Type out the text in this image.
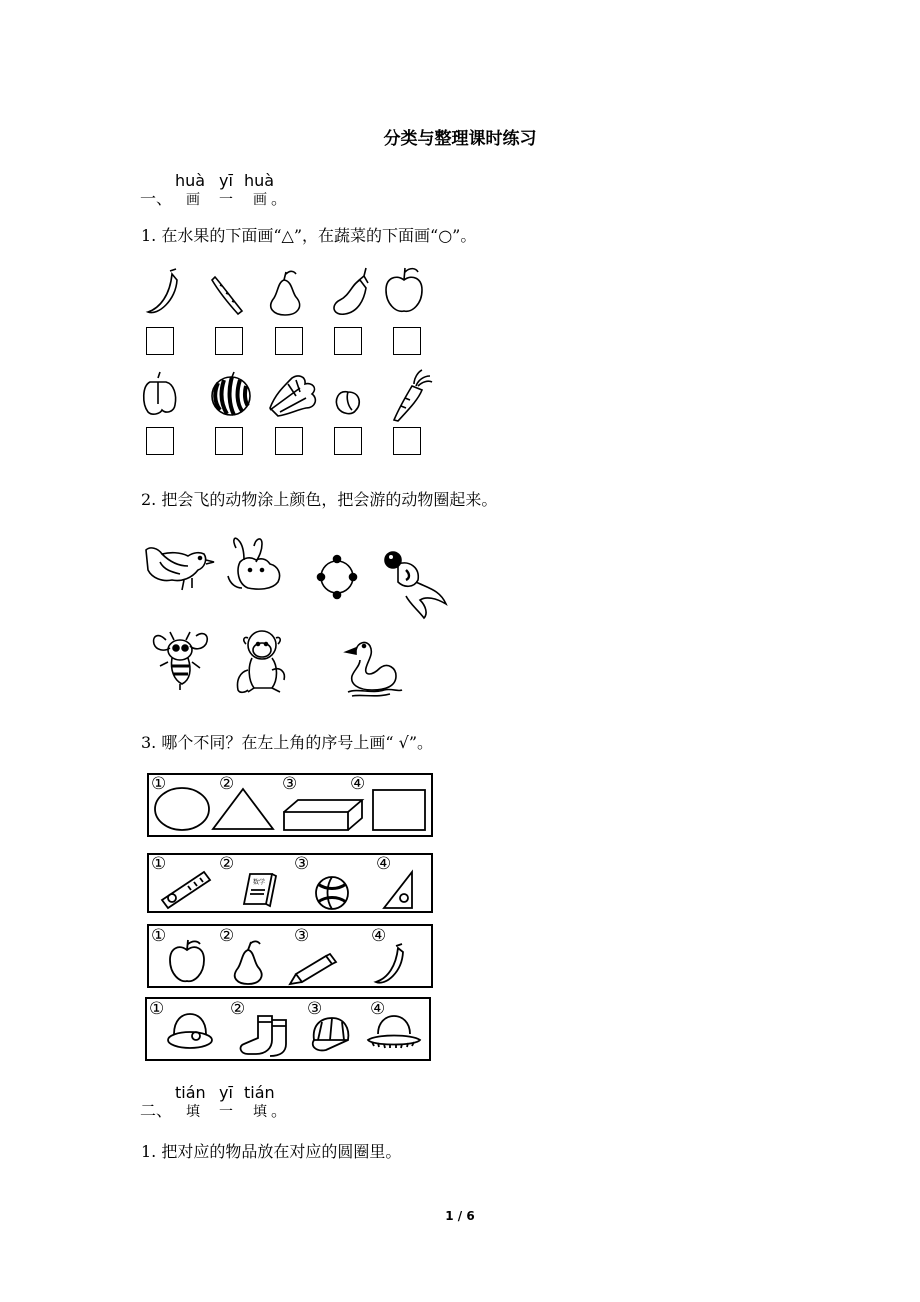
分类与整理课时练习
一、
huà yī huà
画 一 画 。
1. 在水果的下面画“△”，在蔬菜的下面画“○”。
2. 把会飞的动物涂上颜色，把会游的动物圈起来。
3. 哪个不同？在左上角的序号上画“ √”。
①	②	③	④
①	②	③	④
①	②	③	④
①	②	③	④
数学
二、
tián yī tián
填 一 填 。
1. 把对应的物品放在对应的圆圈里。
1 / 6
